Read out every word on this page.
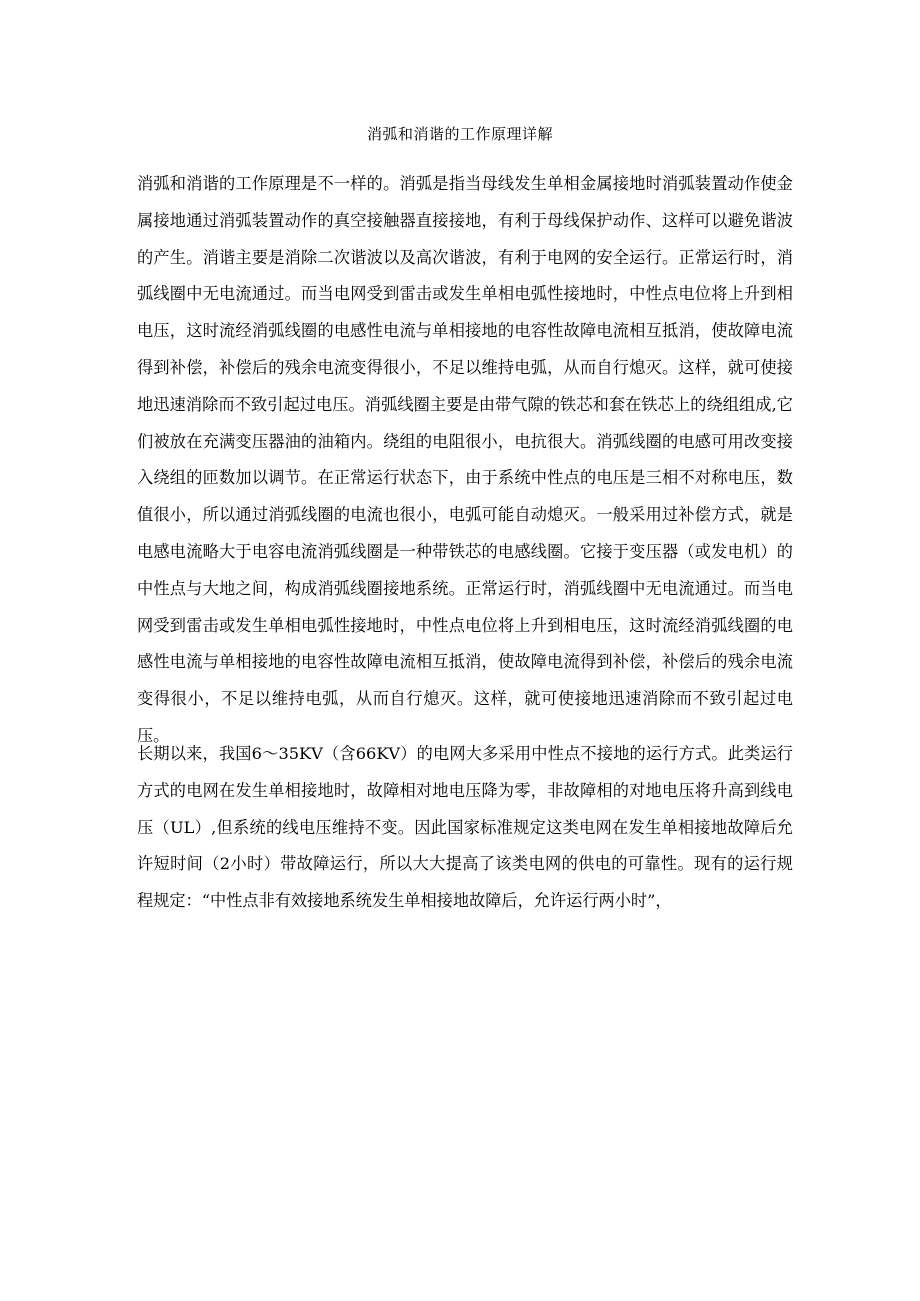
消弧和消谐的工作原理详解

消弧和消谐的工作原理是不一样的。消弧是指当母线发生单相金属接地时消弧装置动作使金属接地通过消弧装置动作的真空接触器直接接地，有利于母线保护动作、这样可以避免谐波的产生。消谐主要是消除二次谐波以及高次谐波，有利于电网的安全运行。正常运行时，消弧线圈中无电流通过。而当电网受到雷击或发生单相电弧性接地时，中性点电位将上升到相电压，这时流经消弧线圈的电感性电流与单相接地的电容性故障电流相互抵消，使故障电流得到补偿，补偿后的残余电流变得很小，不足以维持电弧，从而自行熄灭。这样，就可使接地迅速消除而不致引起过电压。消弧线圈主要是由带气隙的铁芯和套在铁芯上的绕组组成,它们被放在充满变压器油的油箱内。绕组的电阻很小，电抗很大。消弧线圈的电感可用改变接入绕组的匝数加以调节。在正常运行状态下，由于系统中性点的电压是三相不对称电压，数值很小，所以通过消弧线圈的电流也很小，电弧可能自动熄灭。一般采用过补偿方式，就是电感电流略大于电容电流消弧线圈是一种带铁芯的电感线圈。它接于变压器（或发电机）的中性点与大地之间，构成消弧线圈接地系统。正常运行时，消弧线圈中无电流通过。而当电网受到雷击或发生单相电弧性接地时，中性点电位将上升到相电压，这时流经消弧线圈的电感性电流与单相接地的电容性故障电流相互抵消，使故障电流得到补偿，补偿后的残余电流变得很小，不足以维持电弧，从而自行熄灭。这样，就可使接地迅速消除而不致引起过电压。

长期以来，我国6～35KV（含66KV）的电网大多采用中性点不接地的运行方式。此类运行方式的电网在发生单相接地时，故障相对地电压降为零，非故障相的对地电压将升高到线电压（UL）,但系统的线电压维持不变。因此国家标准规定这类电网在发生单相接地故障后允许短时间（2小时）带故障运行，所以大大提高了该类电网的供电的可靠性。现有的运行规程规定：“中性点非有效接地系统发生单相接地故障后，允许运行两小时”，
